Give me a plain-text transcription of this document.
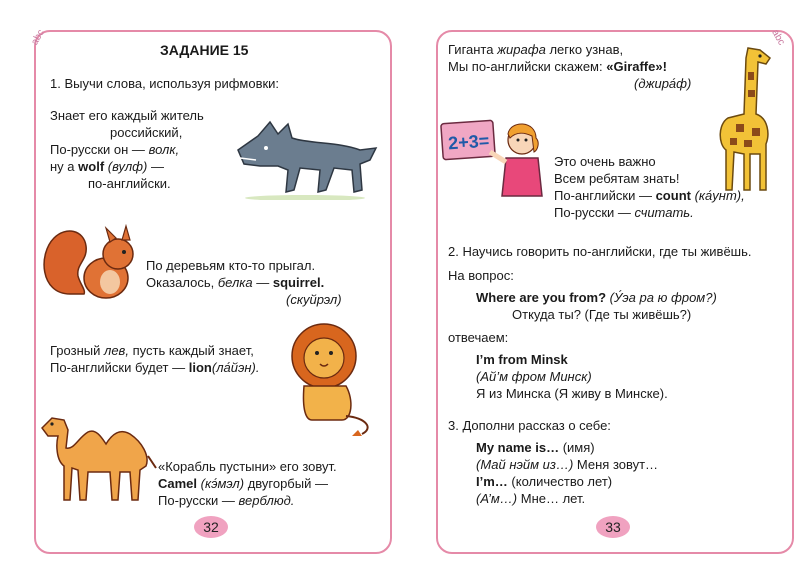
abc
ЗАДАНИЕ 15
1. Выучи слова, используя рифмовки:
Знает его каждый житель
российский,
По-русски он — волк,
ну а wolf (вулф) —
по-английски.
По деревьям кто-то прыгал.
Оказалось, белка — squirrel.
(скуйрэл)
Грозный лев, пусть каждый знает,
По-английски будет — lion(ла́йэн).
«Корабль пустыни» его зовут.
Camel (кэ́мэл) двугорбый —
По-русски — верблюд.
32
abc
Гиганта жирафа легко узнав,
Мы по-английски скажем: «Giraffe»!
(джира́ф)
2+3=
Это очень важно
Всем ребятам знать!
По-английски — count (ка́унт),
По-русски — считать.
2. Научись говорить по-английски, где ты живёшь.
На вопрос:
Where are you from? (У́эа ра ю фром?)
Откуда ты? (Где ты живёшь?)
отвечаем:
I’m from Minsk
(Ай’м фром Минск)
Я из Минска (Я живу в Минске).
3. Дополни рассказ о себе:
My name is… (имя)
(Май нэйм из…) Меня зовут…
I’m… (количество лет)
(А’м…) Мне… лет.
33
